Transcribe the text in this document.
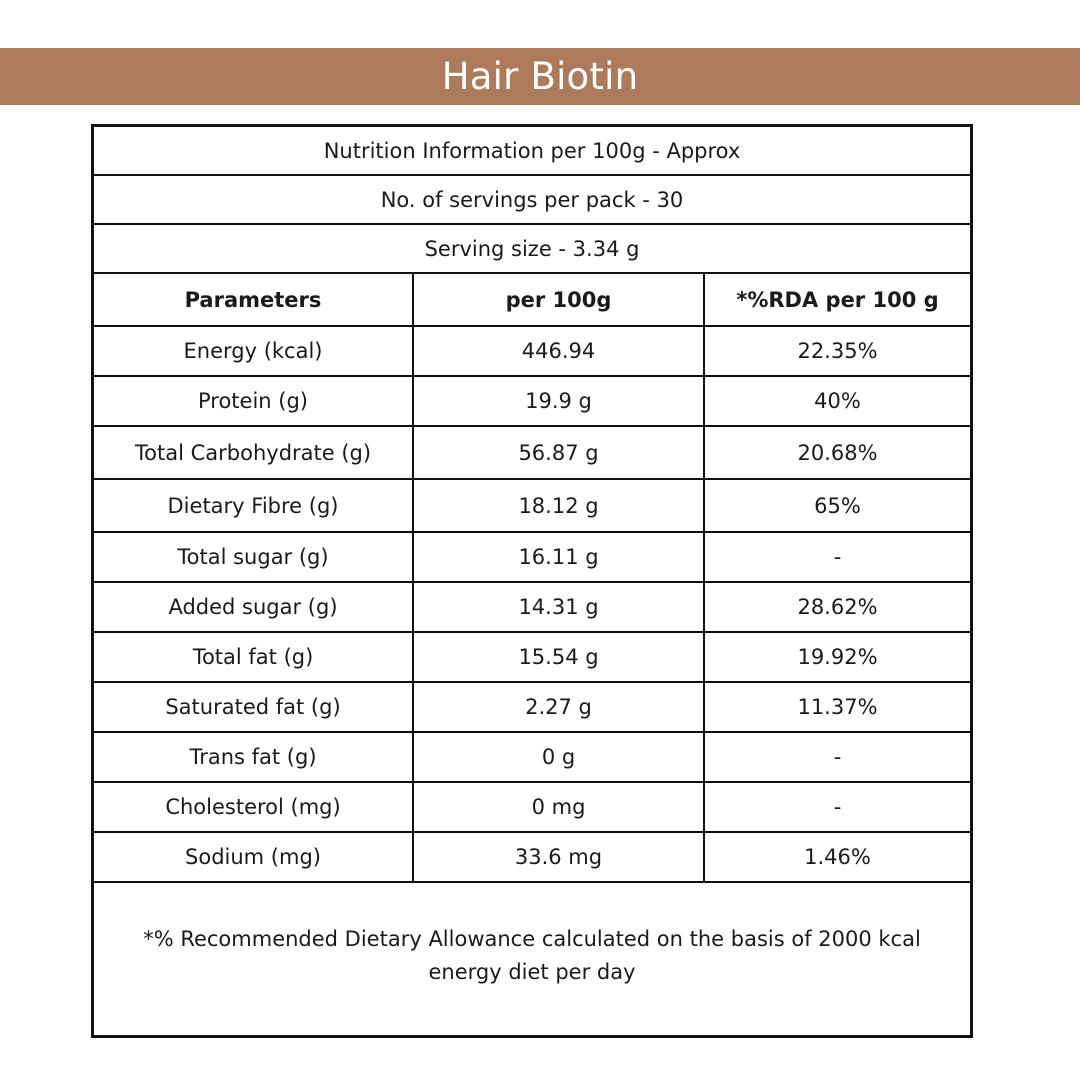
Hair Biotin
Nutrition Information per 100g - Approx		
No. of servings per pack - 30		
Serving size - 3.34 g		
Parameters	per 100g	*%RDA per 100 g
Energy (kcal)	446.94	22.35%
Protein (g)	19.9 g	40%
Total Carbohydrate (g)	56.87 g	20.68%
Dietary Fibre (g)	18.12 g	65%
Total sugar (g)	16.11 g	-
Added sugar (g)	14.31 g	28.62%
Total fat (g)	15.54 g	19.92%
Saturated fat (g)	2.27 g	11.37%
Trans fat (g)	0 g	-
Cholesterol (mg)	0 mg	-
Sodium (mg)	33.6 mg	1.46%
*% Recommended Dietary Allowance calculated on the basis of 2000 kcal energy diet per day		
